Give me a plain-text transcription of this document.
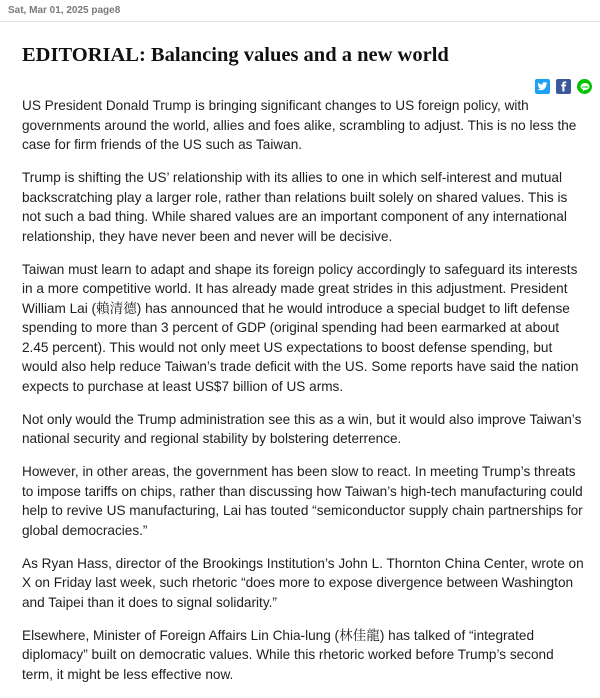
Sat, Mar 01, 2025 page8
EDITORIAL: Balancing values and a new world
LINE

US President Donald Trump is bringing significant changes to US foreign policy, with governments around the world, allies and foes alike, scrambling to adjust. This is no less the case for firm friends of the US such as Taiwan.

Trump is shifting the US’ relationship with its allies to one in which self-interest and mutual backscratching play a larger role, rather than relations built solely on shared values. This is not such a bad thing. While shared values are an important component of any international relationship, they have never been and never will be decisive.

Taiwan must learn to adapt and shape its foreign policy accordingly to safeguard its interests in a more competitive world. It has already made great strides in this adjustment. President William Lai (賴清德) has announced that he would introduce a special budget to lift defense spending to more than 3 percent of GDP (original spending had been earmarked at about 2.45 percent). This would not only meet US expectations to boost defense spending, but would also help reduce Taiwan’s trade deficit with the US. Some reports have said the nation expects to purchase at least US$7 billion of US arms.

Not only would the Trump administration see this as a win, but it would also improve Taiwan’s national security and regional stability by bolstering deterrence.

However, in other areas, the government has been slow to react. In meeting Trump’s threats to impose tariffs on chips, rather than discussing how Taiwan’s high-tech manufacturing could help to revive US manufacturing, Lai has touted “semiconductor supply chain partnerships for global democracies.”

As Ryan Hass, director of the Brookings Institution’s John L. Thornton China Center, wrote on X on Friday last week, such rhetoric “does more to expose divergence between Washington and Taipei than it does to signal solidarity.”

Elsewhere, Minister of Foreign Affairs Lin Chia-lung (林佳龍) has talked of “integrated diplomacy” built on democratic values. While this rhetoric worked before Trump’s second term, it might be less effective now.
